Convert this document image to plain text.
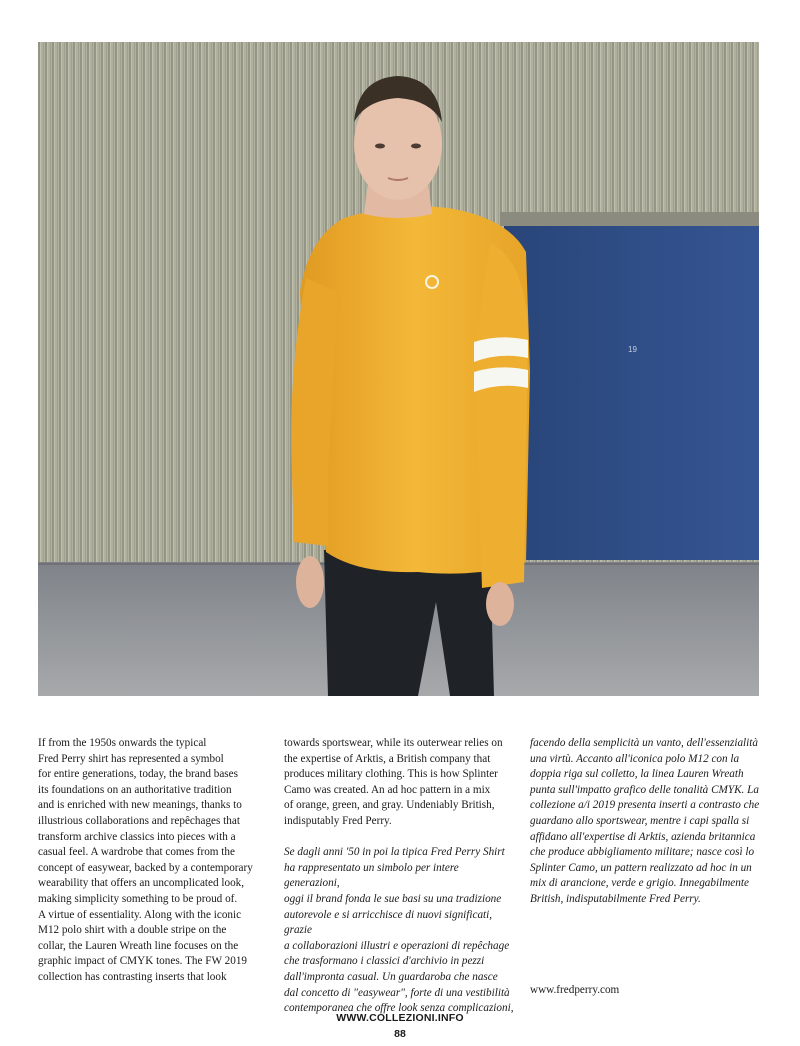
19

If from the 1950s onwards the typical

Fred Perry shirt has represented a symbol

for entire generations, today, the brand bases

its foundations on an authoritative tradition

and is enriched with new meanings, thanks to

illustrious collaborations and repêchages that

transform archive classics into pieces with a

casual feel. A wardrobe that comes from the

concept of easywear, backed by a contemporary

wearability that offers an uncomplicated look,

making simplicity something to be proud of.

A virtue of essentiality. Along with the iconic

M12 polo shirt with a double stripe on the

collar, the Lauren Wreath line focuses on the

graphic impact of CMYK tones. The FW 2019

collection has contrasting inserts that look

towards sportswear, while its outerwear relies on

the expertise of Arktis, a British company that

produces military clothing. This is how Splinter

Camo was created. An ad hoc pattern in a mix

of orange, green, and gray. Undeniably British,

indisputably Fred Perry.

Se dagli anni '50 in poi la tipica Fred Perry Shirt

ha rappresentato un simbolo per intere generazioni,

oggi il brand fonda le sue basi su una tradizione

autorevole e si arricchisce di nuovi significati, grazie

a collaborazioni illustri e operazioni di repêchage

che trasformano i classici d'archivio in pezzi

dall'impronta casual. Un guardaroba che nasce

dal concetto di "easywear", forte di una vestibilità

contemporanea che offre look senza complicazioni,

facendo della semplicità un vanto, dell'essenzialità

una virtù. Accanto all'iconica polo M12 con la

doppia riga sul colletto, la linea Lauren Wreath

punta sull'impatto grafico delle tonalità CMYK. La

collezione a/i 2019 presenta inserti a contrasto che

guardano allo sportswear, mentre i capi spalla si

affidano all'expertise di Arktis, azienda britannica

che produce abbigliamento militare; nasce così lo

Splinter Camo, un pattern realizzato ad hoc in un

mix di arancione, verde e grigio. Innegabilmente

British, indisputabilmente Fred Perry.

www.fredperry.com
WWW.COLLEZIONI.INFO
88
